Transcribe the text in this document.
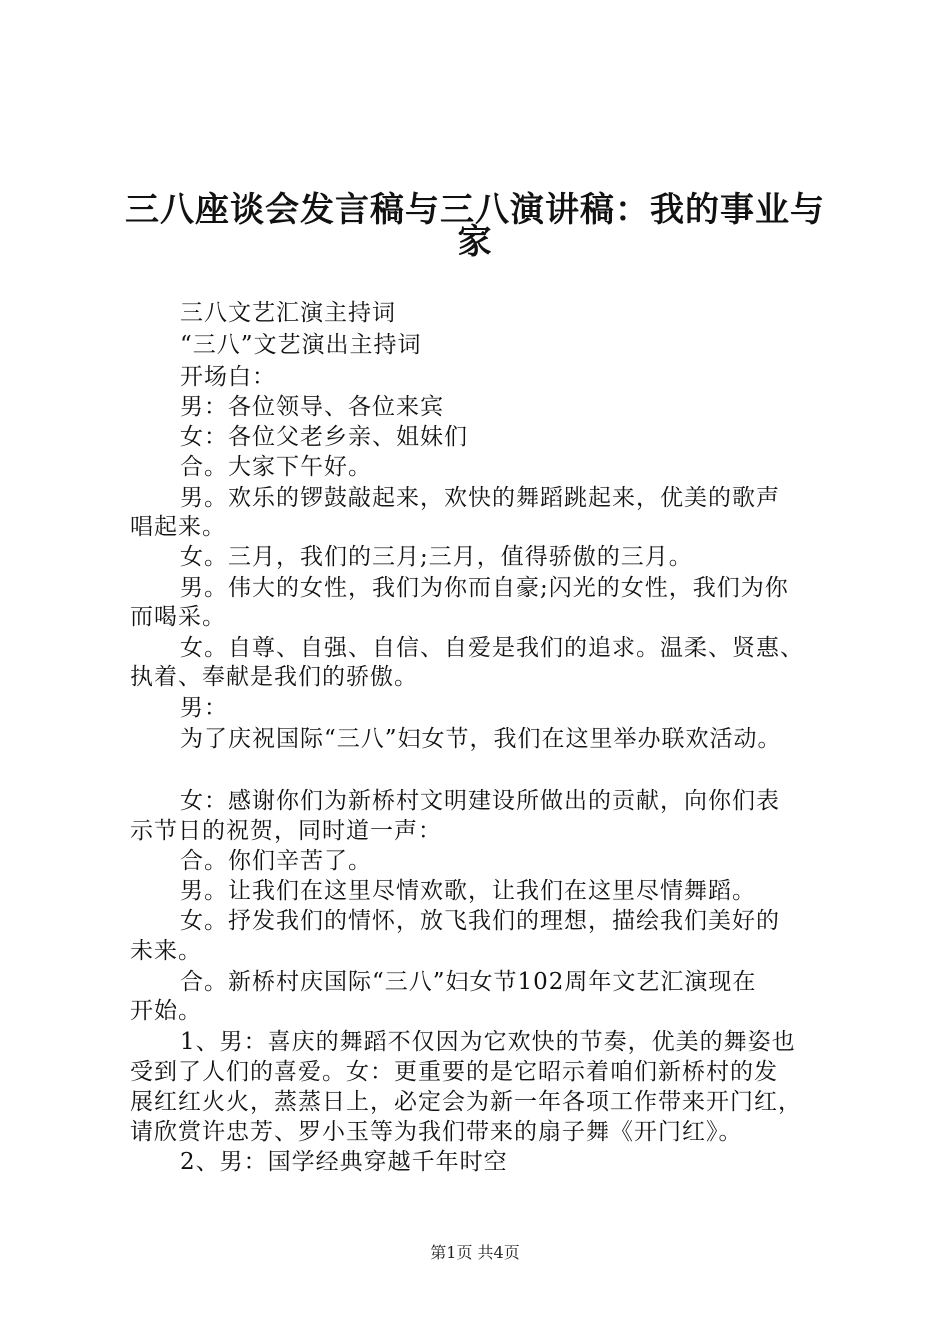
三八座谈会发言稿与三八演讲稿：我的事业与
家
三八文艺汇演主持词
“三八”文艺演出主持词
开场白：
男：各位领导、各位来宾
女：各位父老乡亲、姐妹们
合。大家下午好。
男。欢乐的锣鼓敲起来，欢快的舞蹈跳起来，优美的歌声
唱起来。
女。三月，我们的三月;三月，值得骄傲的三月。
男。伟大的女性，我们为你而自豪;闪光的女性，我们为你
而喝采。
女。自尊、自强、自信、自爱是我们的追求。温柔、贤惠、
执着、奉献是我们的骄傲。
男：
为了庆祝国际“三八”妇女节，我们在这里举办联欢活动。
女：感谢你们为新桥村文明建设所做出的贡献，向你们表
示节日的祝贺，同时道一声：
合。你们辛苦了。
男。让我们在这里尽情欢歌，让我们在这里尽情舞蹈。
女。抒发我们的情怀，放飞我们的理想，描绘我们美好的
未来。
合。新桥村庆国际“三八”妇女节102周年文艺汇演现在
开始。
1、男：喜庆的舞蹈不仅因为它欢快的节奏，优美的舞姿也
受到了人们的喜爱。女：更重要的是它昭示着咱们新桥村的发
展红红火火，蒸蒸日上，必定会为新一年各项工作带来开门红，
请欣赏许忠芳、罗小玉等为我们带来的扇子舞《开门红》。
2、男：国学经典穿越千年时空
第1页 共4页
